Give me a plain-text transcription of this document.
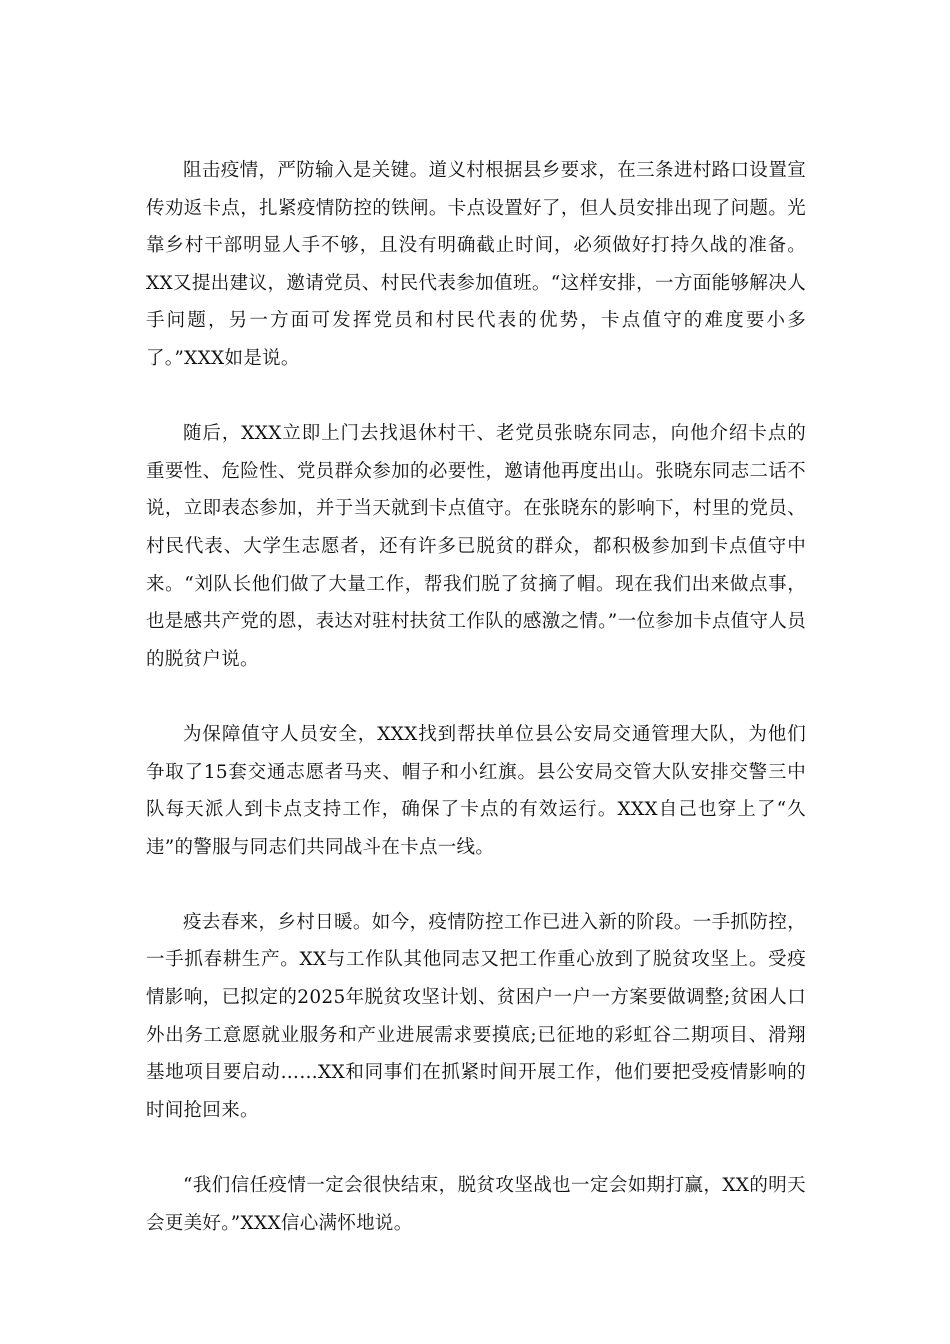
阻击疫情，严防输入是关键。道义村根据县乡要求，在三条进村路口设置宣传劝返卡点，扎紧疫情防控的铁闸。卡点设置好了，但人员安排出现了问题。光靠乡村干部明显人手不够，且没有明确截止时间，必须做好打持久战的准备。XX又提出建议，邀请党员、村民代表参加值班。“这样安排，一方面能够解决人手问题，另一方面可发挥党员和村民代表的优势，卡点值守的难度要小多了。”XXX如是说。

随后，XXX立即上门去找退休村干、老党员张晓东同志，向他介绍卡点的重要性、危险性、党员群众参加的必要性，邀请他再度出山。张晓东同志二话不说，立即表态参加，并于当天就到卡点值守。在张晓东的影响下，村里的党员、村民代表、大学生志愿者，还有许多已脱贫的群众，都积极参加到卡点值守中来。“刘队长他们做了大量工作，帮我们脱了贫摘了帽。现在我们出来做点事，也是感共产党的恩，表达对驻村扶贫工作队的感激之情。”一位参加卡点值守人员的脱贫户说。

为保障值守人员安全，XXX找到帮扶单位县公安局交通管理大队，为他们争取了15套交通志愿者马夹、帽子和小红旗。县公安局交管大队安排交警三中队每天派人到卡点支持工作，确保了卡点的有效运行。XXX自己也穿上了“久违”的警服与同志们共同战斗在卡点一线。

疫去春来，乡村日暖。如今，疫情防控工作已进入新的阶段。一手抓防控，一手抓春耕生产。XX与工作队其他同志又把工作重心放到了脱贫攻坚上。受疫情影响，已拟定的2025年脱贫攻坚计划、贫困户一户一方案要做调整;贫困人口外出务工意愿就业服务和产业进展需求要摸底;已征地的彩虹谷二期项目、滑翔基地项目要启动……XX和同事们在抓紧时间开展工作，他们要把受疫情影响的时间抢回来。

“我们信任疫情一定会很快结束，脱贫攻坚战也一定会如期打赢，XX的明天会更美好。”XXX信心满怀地说。
